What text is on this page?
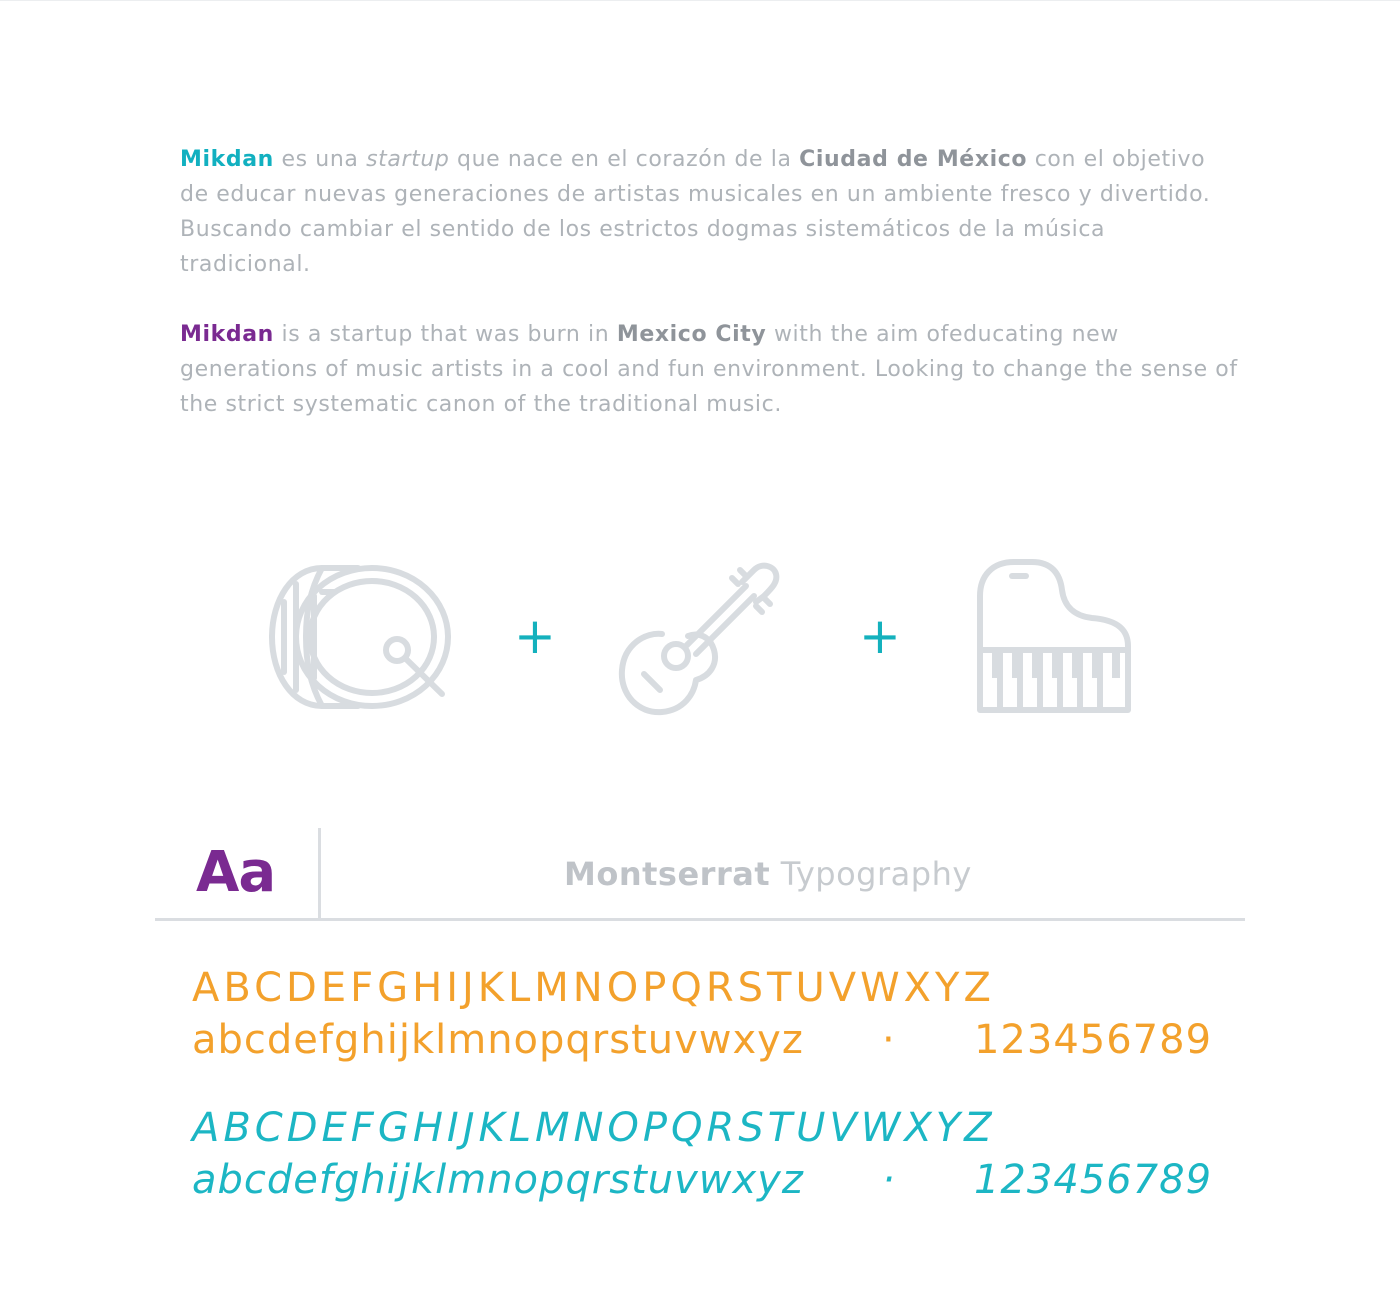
Mikdan es una startup que nace en el corazón de la Ciudad de México con el objetivo de educar nuevas generaciones de artistas musicales en un ambiente fresco y divertido. Buscando cambiar el sentido de los estrictos dogmas sistemáticos de la música tradicional.

Mikdan is a startup that was burn in Mexico City with the aim ofeducating new generations of music artists in a cool and fun environment. Looking to change the sense of the strict systematic canon of the traditional music.

+	+
Aa	Montserrat Typography

ABCDEFGHIJKLMNOPQRSTUVWXYZ

abcdefghijklmnopqrstuvwxyz · 123456789

ABCDEFGHIJKLMNOPQRSTUVWXYZ

abcdefghijklmnopqrstuvwxyz · 123456789
